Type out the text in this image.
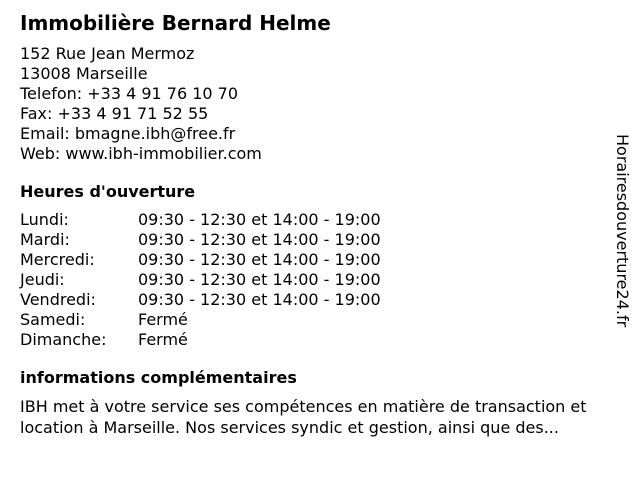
Immobilière Bernard Helme
152 Rue Jean Mermoz
13008 Marseille
Telefon: +33 4 91 76 10 70
Fax: +33 4 91 71 52 55
Email: bmagne.ibh@free.fr
Web: www.ibh-immobilier.com
Heures d'ouverture
Lundi:	09:30 - 12:30 et 14:00 - 19:00
Mardi:	09:30 - 12:30 et 14:00 - 19:00
Mercredi:	09:30 - 12:30 et 14:00 - 19:00
Jeudi:	09:30 - 12:30 et 14:00 - 19:00
Vendredi:	09:30 - 12:30 et 14:00 - 19:00
Samedi:	Fermé
Dimanche:	Fermé
informations complémentaires
IBH met à votre service ses compétences en matière de transaction et location à Marseille. Nos services syndic et gestion, ainsi que des...
Horairesdouverture24.fr
